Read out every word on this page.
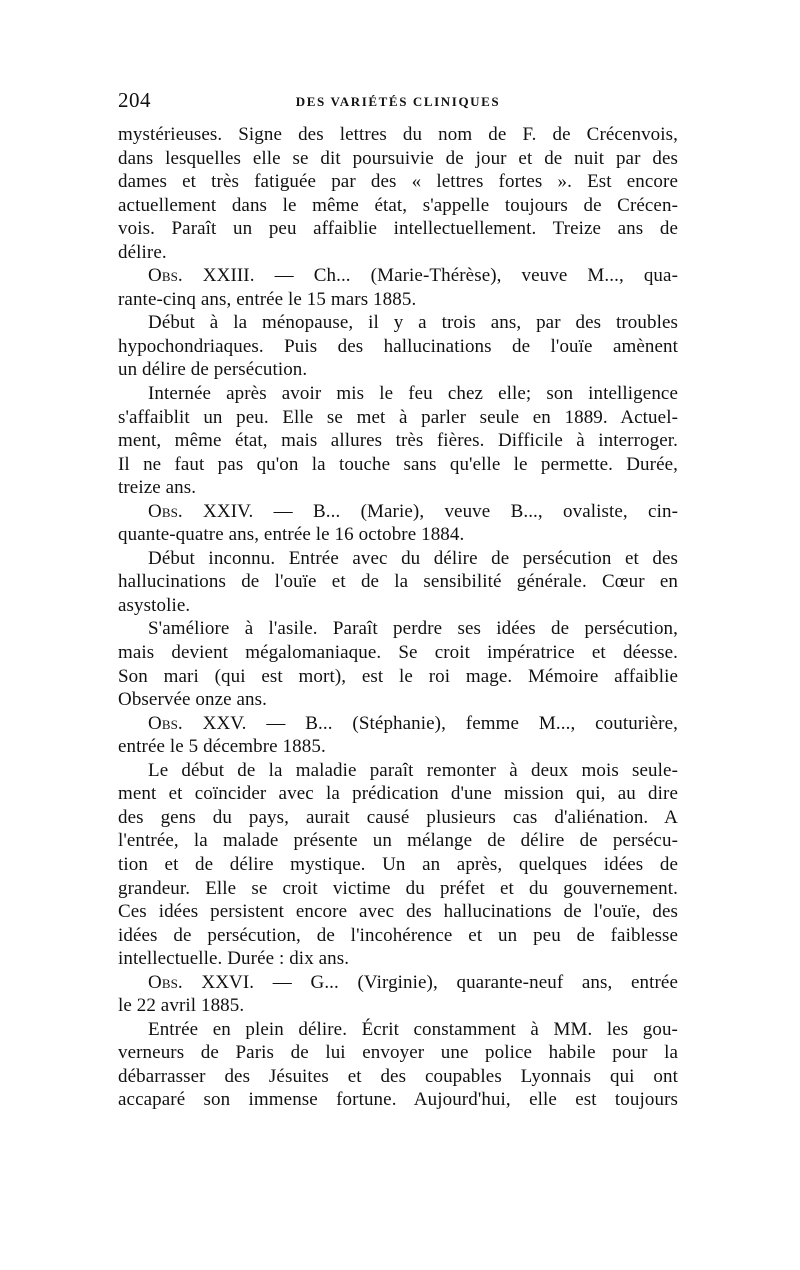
204	DES VARIÉTÉS CLINIQUES
mystérieuses. Signe des lettres du nom de F. de Crécenvois,
dans lesquelles elle se dit poursuivie de jour et de nuit par des
dames et très fatiguée par des « lettres fortes ». Est encore
actuellement dans le même état, s'appelle toujours de Crécen-
vois. Paraît un peu affaiblie intellectuellement. Treize ans de
délire.
Obs. XXIII. — Ch... (Marie-Thérèse), veuve M..., qua-
rante-cinq ans, entrée le 15 mars 1885.
Début à la ménopause, il y a trois ans, par des troubles
hypochondriaques. Puis des hallucinations de l'ouïe amènent
un délire de persécution.
Internée après avoir mis le feu chez elle; son intelligence
s'affaiblit un peu. Elle se met à parler seule en 1889. Actuel-
ment, même état, mais allures très fières. Difficile à interroger.
Il ne faut pas qu'on la touche sans qu'elle le permette. Durée,
treize ans.
Obs. XXIV. — B... (Marie), veuve B..., ovaliste, cin-
quante-quatre ans, entrée le 16 octobre 1884.
Début inconnu. Entrée avec du délire de persécution et des
hallucinations de l'ouïe et de la sensibilité générale. Cœur en
asystolie.
S'améliore à l'asile. Paraît perdre ses idées de persécution,
mais devient mégalomaniaque. Se croit impératrice et déesse.
Son mari (qui est mort), est le roi mage. Mémoire affaiblie
Observée onze ans.
Obs. XXV. — B... (Stéphanie), femme M..., couturière,
entrée le 5 décembre 1885.
Le début de la maladie paraît remonter à deux mois seule-
ment et coïncider avec la prédication d'une mission qui, au dire
des gens du pays, aurait causé plusieurs cas d'aliénation. A
l'entrée, la malade présente un mélange de délire de persécu-
tion et de délire mystique. Un an après, quelques idées de
grandeur. Elle se croit victime du préfet et du gouvernement.
Ces idées persistent encore avec des hallucinations de l'ouïe, des
idées de persécution, de l'incohérence et un peu de faiblesse
intellectuelle. Durée : dix ans.
Obs. XXVI. — G... (Virginie), quarante-neuf ans, entrée
le 22 avril 1885.
Entrée en plein délire. Écrit constamment à MM. les gou-
verneurs de Paris de lui envoyer une police habile pour la
débarrasser des Jésuites et des coupables Lyonnais qui ont
accaparé son immense fortune. Aujourd'hui, elle est toujours
